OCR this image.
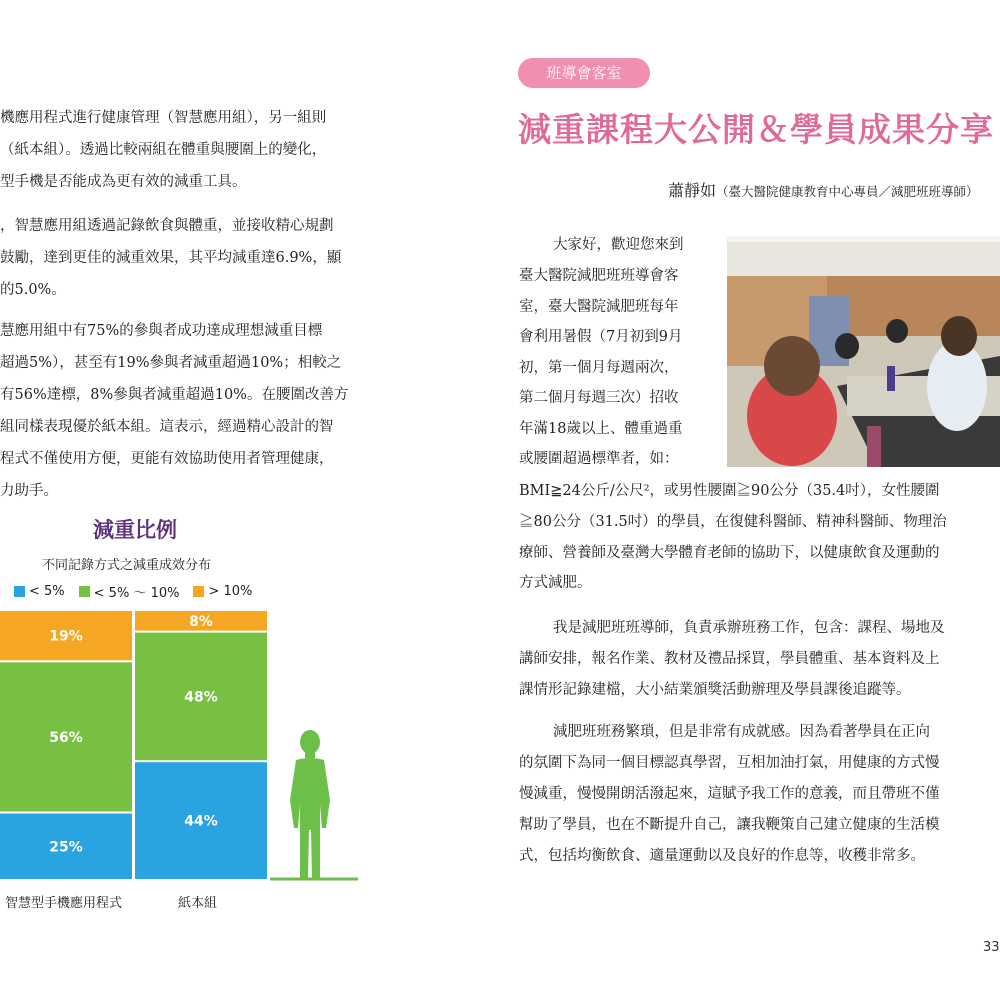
機應用程式進行健康管理（智慧應用組），另一組則
（紙本組）。透過比較兩組在體重與腰圍上的變化，
型手機是否能成為更有效的減重工具。

，智慧應用組透過記錄飲食與體重，並接收精心規劃
鼓勵，達到更佳的減重效果，其平均減重達6.9%，顯
的5.0%。

慧應用組中有75%的參與者成功達成理想減重目標
超過5%），甚至有19%參與者減重超過10%；相較之
有56%達標，8%參與者減重超過10%。在腰圍改善方
組同樣表現優於紙本組。這表示，經過精心設計的智
程式不僅使用方便，更能有效協助使用者管理健康，
力助手。

減重比例
不同記錄方式之減重成效分布
< 5% < 5% ～ 10% > 10%
25%
56%
19%
44%
48%
8%
智慧型手機應用程式	紙本組
班導會客室
減重課程大公開＆學員成果分享
蕭靜如（臺大醫院健康教育中心專員／減肥班班導師）
大家好，歡迎您來到
臺大醫院減肥班班導會客
室，臺大醫院減肥班每年
會利用暑假（7月初到9月
初，第一個月每週兩次，
第二個月每週三次）招收
年滿18歲以上、體重過重
或腰圍超過標準者，如：
BMI≧24公斤/公尺²，或男性腰圍≧90公分（35.4吋），女性腰圍
≧80公分（31.5吋）的學員，在復健科醫師、精神科醫師、物理治
療師、營養師及臺灣大學體育老師的協助下，以健康飲食及運動的
方式減肥。
我是減肥班班導師，負責承辦班務工作，包含：課程、場地及
講師安排，報名作業、教材及禮品採買，學員體重、基本資料及上
課情形記錄建檔，大小結業頒獎活動辦理及學員課後追蹤等。
減肥班班務繁瑣，但是非常有成就感。因為看著學員在正向
的氛圍下為同一個目標認真學習，互相加油打氣，用健康的方式慢
慢減重，慢慢開朗活潑起來，這賦予我工作的意義，而且帶班不僅
幫助了學員，也在不斷提升自己，讓我鞭策自己建立健康的生活模
式，包括均衡飲食、適量運動以及良好的作息等，收穫非常多。
33
